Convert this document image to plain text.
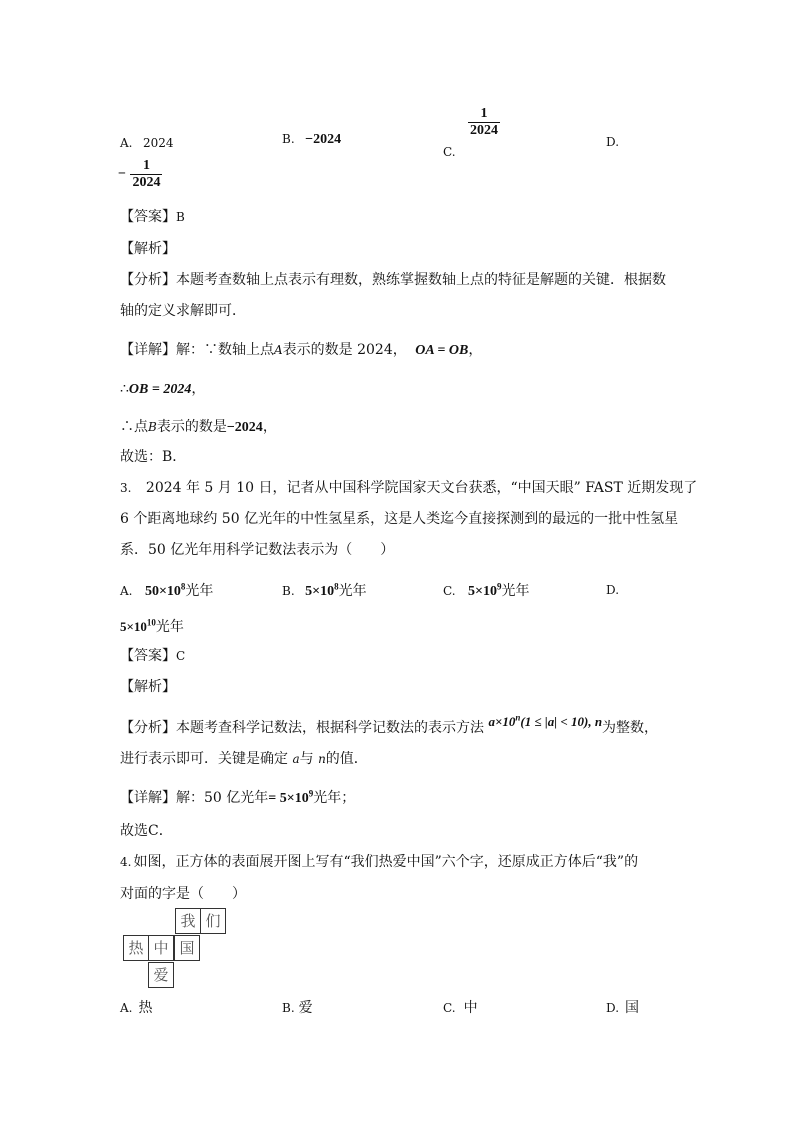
A. 2024	B. −2024
C.
$\frac{1}{2024}$
D.
− $\frac{1}{2024}$
【答案】B
【解析】
【分析】本题考查数轴上点表示有理数，熟练掌握数轴上点的特征是解题的关键．根据数
轴的定义求解即可．
【详解】解：∵数轴上点A表示的数是 2024， OA = OB，
∴OB = 2024，
∴点B表示的数是−2024，
故选：B．
3. 2024 年 5 月 10 日，记者从中国科学院国家天文台获悉，“中国天眼” FAST 近期发现了
6 个距离地球约 50 亿光年的中性氢星系，这是人类迄今直接探测到的最远的一批中性氢星
系．50 亿光年用科学记数法表示为（　　）
A. $50\times 10^8$光年	B. $5\times 10^8$光年	C. $5\times 10^9$光年	D.
$5\times 10^{10}$光年
【答案】C
【解析】
【分析】本题考查科学记数法，根据科学记数法的表示方法 $a\times 10^n(1 \le |a| < 10)$, n为整数，
进行表示即可．关键是确定 a与 n的值．
【详解】解：50 亿光年= $5\times 10^9$光年；
故选C．
4. 如图，正方体的表面展开图上写有“我们热爱中国”六个字，还原成正方体后“我”的
对面的字是（　　）
我 们
热 中 国
爱
A. 热	B. 爱	C. 中	D. 国
